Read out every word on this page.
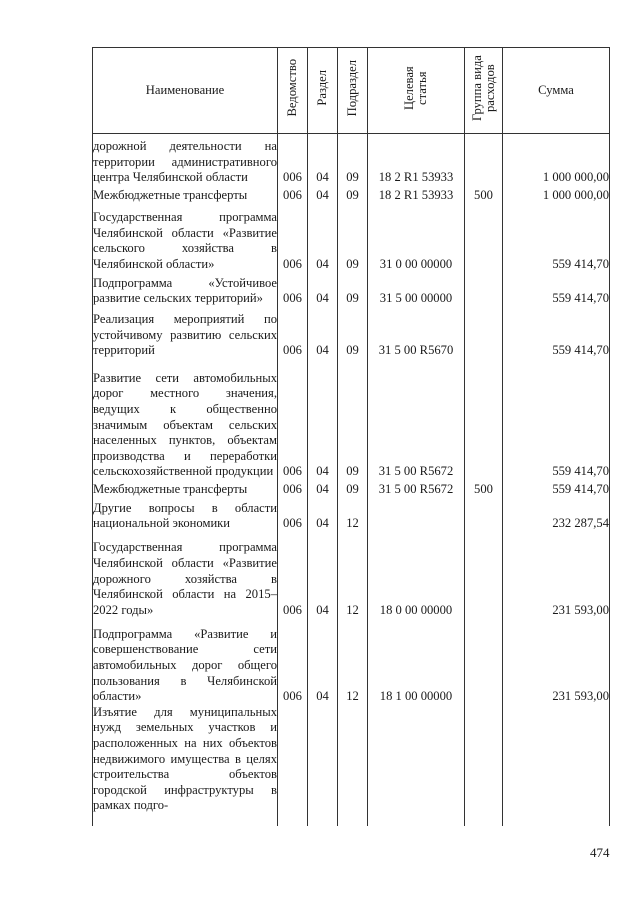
Наименование	Ведомство	Раздел	Подраздел	Целевая статья	Группа вида расходов	Сумма
дорожной деятельности на территории административного центра Челябинской области	006	04	09	18 2 R1 53933		1 000 000,00
Межбюджетные трансферты	006	04	09	18 2 R1 53933	500	1 000 000,00
Государственная программа Челябинской области «Развитие сельского хозяйства в Челябинской области»	006	04	09	31 0 00 00000		559 414,70
Подпрограмма «Устойчивое развитие сельских территорий»	006	04	09	31 5 00 00000		559 414,70
Реализация мероприятий по устойчивому развитию сельских территорий	006	04	09	31 5 00 R5670		559 414,70
Развитие сети автомобильных дорог местного значения, ведущих к общественно значимым объектам сельских населенных пунктов, объектам производства и переработки сельскохозяйственной продукции	006	04	09	31 5 00 R5672		559 414,70
Межбюджетные трансферты	006	04	09	31 5 00 R5672	500	559 414,70
Другие вопросы в области национальной экономики	006	04	12			232 287,54
Государственная программа Челябинской области «Развитие дорожного хозяйства в Челябинской области на 2015–2022 годы»	006	04	12	18 0 00 00000		231 593,00
Подпрограмма «Развитие и совершенствование сети автомобильных дорог общего пользования в Челябинской области»	006	04	12	18 1 00 00000		231 593,00
Изъятие для муниципальных нужд земельных участков и расположенных на них объектов недвижимого имущества в целях строительства объектов городской инфраструктуры в рамках подго-						
474
